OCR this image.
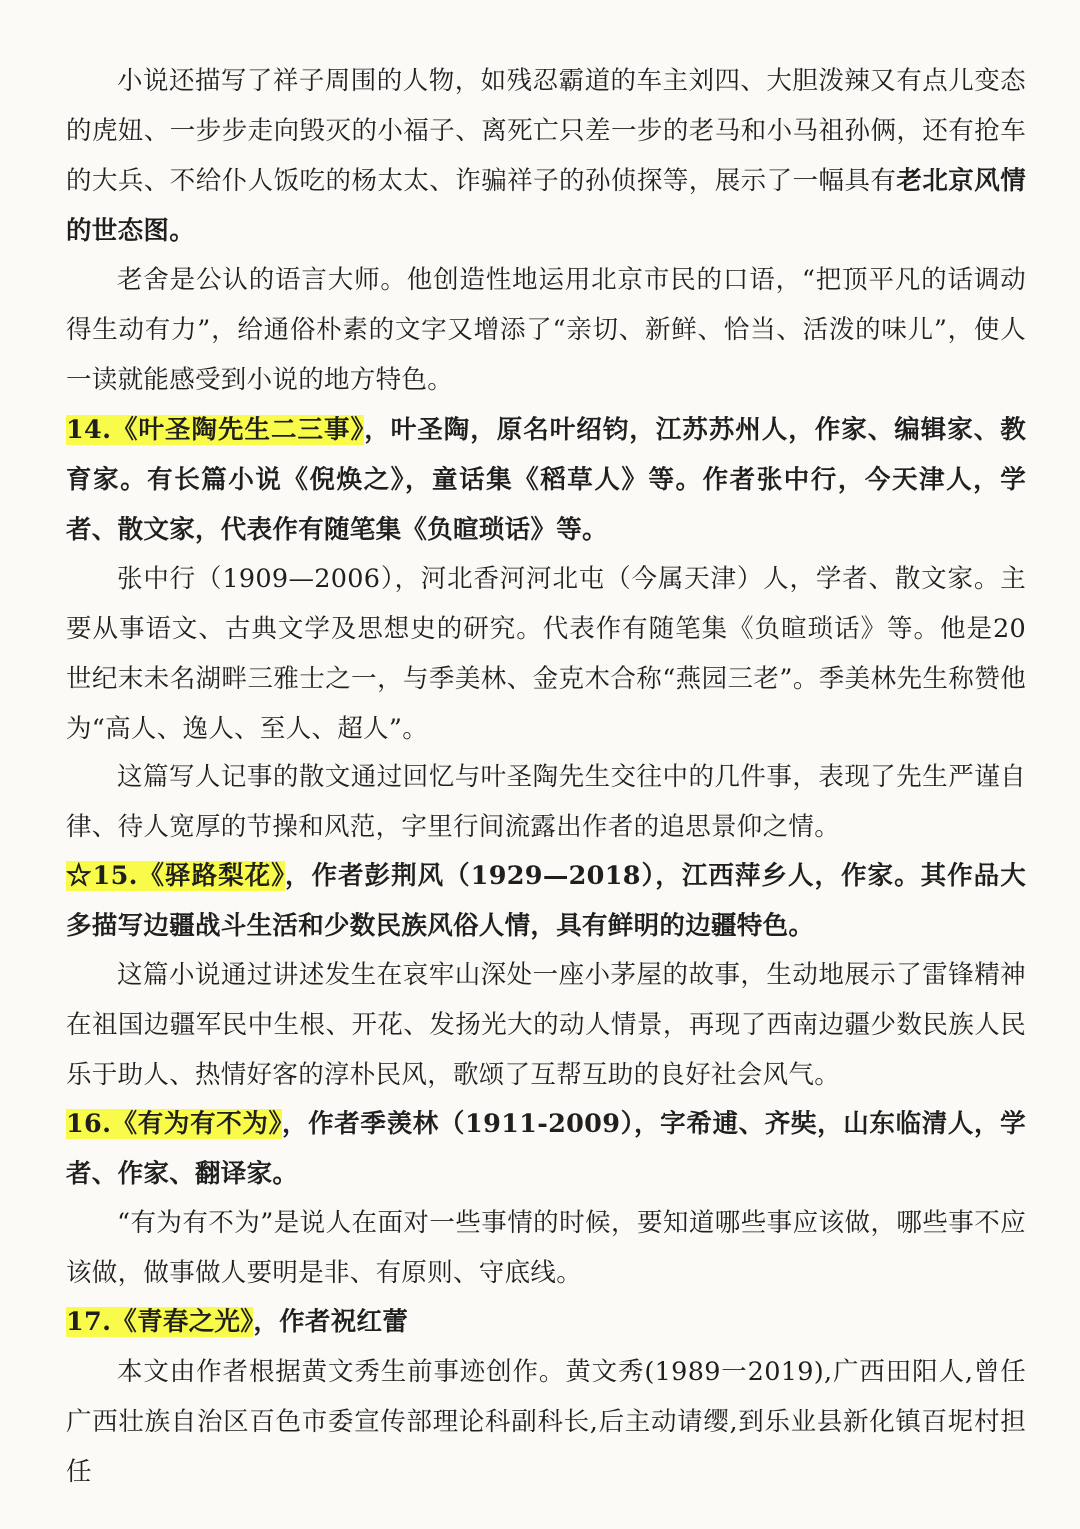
小说还描写了祥子周围的人物，如残忍霸道的车主刘四、大胆泼辣又有点儿变态的虎妞、一步步走向毁灭的小福子、离死亡只差一步的老马和小马祖孙俩，还有抢车的大兵、不给仆人饭吃的杨太太、诈骗祥子的孙侦探等，展示了一幅具有老北京风情的世态图。

老舍是公认的语言大师。他创造性地运用北京市民的口语，“把顶平凡的话调动得生动有力”，给通俗朴素的文字又增添了“亲切、新鲜、恰当、活泼的味儿”，使人一读就能感受到小说的地方特色。

14.《叶圣陶先生二三事》，叶圣陶，原名叶绍钧，江苏苏州人，作家、编辑家、教育家。有长篇小说《倪焕之》，童话集《稻草人》等。作者张中行，今天津人，学者、散文家，代表作有随笔集《负暄琐话》等。

张中行（1909—2006），河北香河河北屯（今属天津）人，学者、散文家。主要从事语文、古典文学及思想史的研究。代表作有随笔集《负暄琐话》等。他是20世纪末未名湖畔三雅士之一，与季美林、金克木合称“燕园三老”。季美林先生称赞他为“高人、逸人、至人、超人”。

这篇写人记事的散文通过回忆与叶圣陶先生交往中的几件事，表现了先生严谨自律、待人宽厚的节操和风范，字里行间流露出作者的追思景仰之情。

☆15.《驿路梨花》，作者彭荆风（1929—2018），江西萍乡人，作家。其作品大多描写边疆战斗生活和少数民族风俗人情，具有鲜明的边疆特色。

这篇小说通过讲述发生在哀牢山深处一座小茅屋的故事，生动地展示了雷锋精神在祖国边疆军民中生根、开花、发扬光大的动人情景，再现了西南边疆少数民族人民乐于助人、热情好客的淳朴民风，歌颂了互帮互助的良好社会风气。

16.《有为有不为》，作者季羡林（1911-2009），字希逋、齐奘，山东临清人，学者、作家、翻译家。

“有为有不为”是说人在面对一些事情的时候，要知道哪些事应该做，哪些事不应该做，做事做人要明是非、有原则、守底线。

17.《青春之光》，作者祝红蕾

本文由作者根据黄文秀生前事迹创作。黄文秀(1989一2019),广西田阳人,曾任广西壮族自治区百色市委宣传部理论科副科长,后主动请缨,到乐业县新化镇百坭村担任
